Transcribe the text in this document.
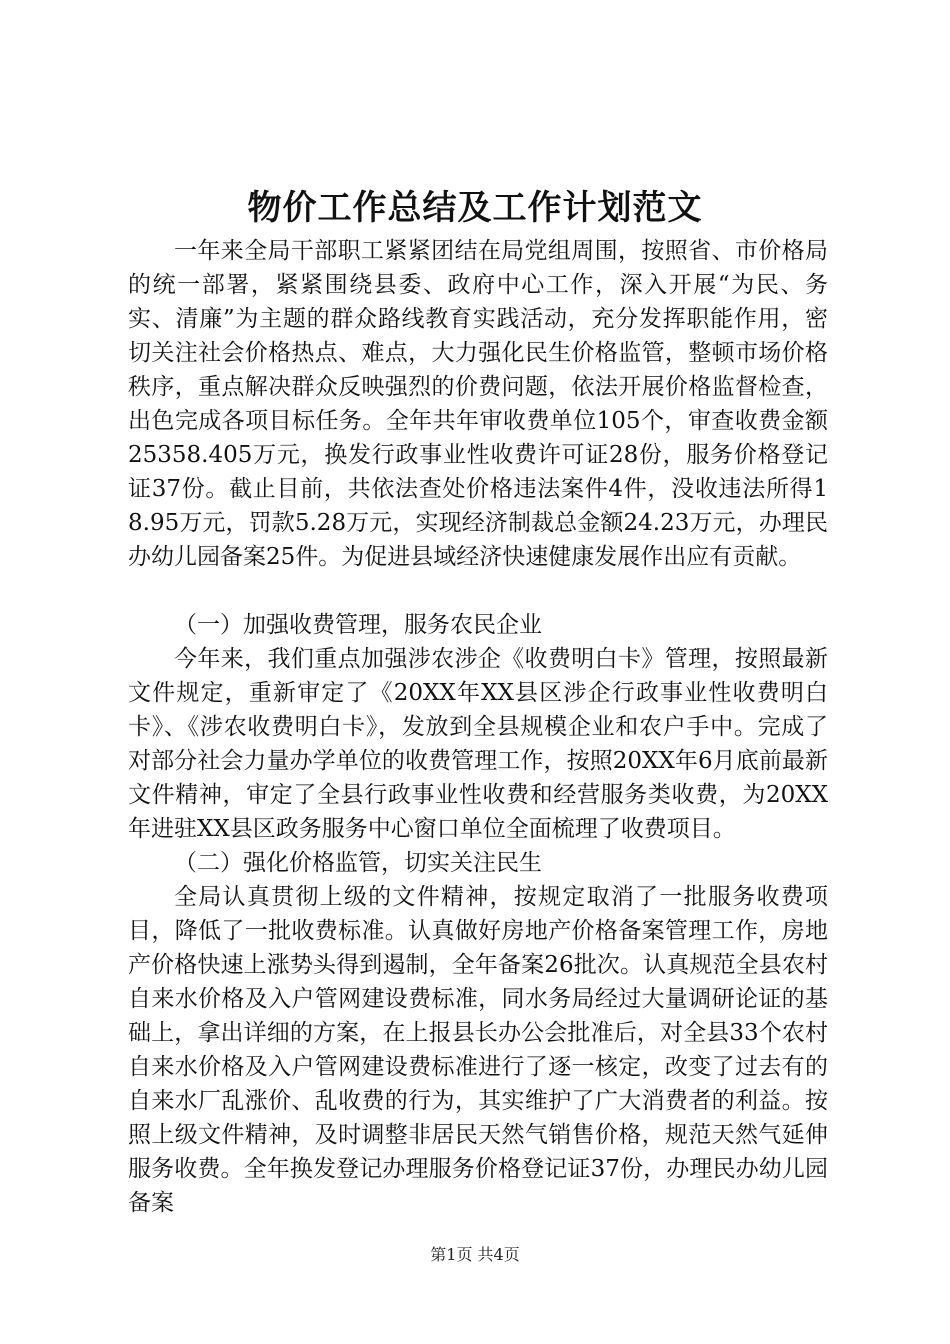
物价工作总结及工作计划范文

一年来全局干部职工紧紧团结在局党组周围，按照省、市价格局的统一部署，紧紧围绕县委、政府中心工作，深入开展“为民、务实、清廉”为主题的群众路线教育实践活动，充分发挥职能作用，密切关注社会价格热点、难点，大力强化民生价格监管，整顿市场价格秩序，重点解决群众反映强烈的价费问题，依法开展价格监督检查，出色完成各项目标任务。全年共年审收费单位105个，审查收费金额25358.405万元，换发行政事业性收费许可证28份，服务价格登记证37份。截止目前，共依法查处价格违法案件4件，没收违法所得18.95万元，罚款5.28万元，实现经济制裁总金额24.23万元，办理民办幼儿园备案25件。为促进县域经济快速健康发展作出应有贡献。

（一）加强收费管理，服务农民企业

今年来，我们重点加强涉农涉企《收费明白卡》管理，按照最新文件规定，重新审定了《20XX年XX县区涉企行政事业性收费明白卡》、《涉农收费明白卡》，发放到全县规模企业和农户手中。完成了对部分社会力量办学单位的收费管理工作，按照20XX年6月底前最新文件精神，审定了全县行政事业性收费和经营服务类收费，为20XX年进驻XX县区政务服务中心窗口单位全面梳理了收费项目。

（二）强化价格监管，切实关注民生

全局认真贯彻上级的文件精神，按规定取消了一批服务收费项目，降低了一批收费标准。认真做好房地产价格备案管理工作，房地产价格快速上涨势头得到遏制，全年备案26批次。认真规范全县农村自来水价格及入户管网建设费标准，同水务局经过大量调研论证的基础上，拿出详细的方案，在上报县长办公会批准后，对全县33个农村自来水价格及入户管网建设费标准进行了逐一核定，改变了过去有的自来水厂乱涨价、乱收费的行为，其实维护了广大消费者的利益。按照上级文件精神，及时调整非居民天然气销售价格，规范天然气延伸服务收费。全年换发登记办理服务价格登记证37份，办理民办幼儿园备案

第1页 共4页
